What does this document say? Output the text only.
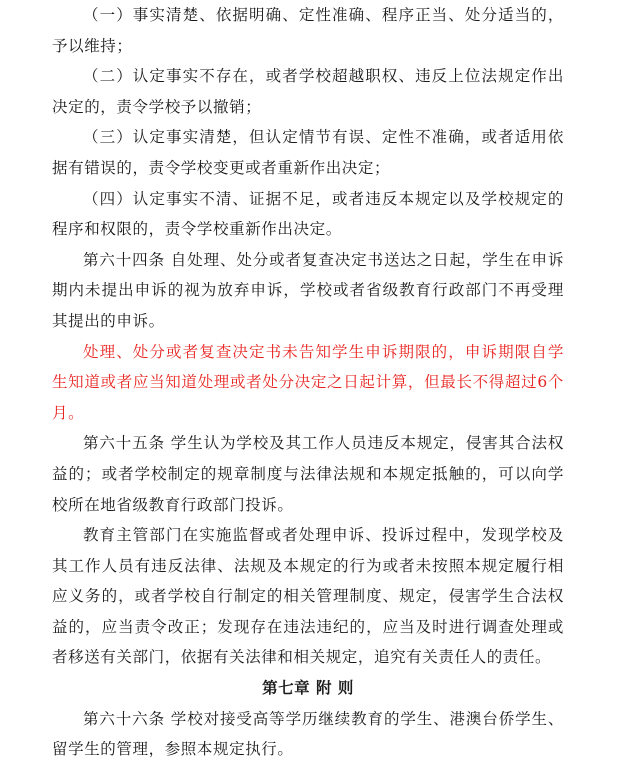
（一）事实清楚、依据明确、定性准确、程序正当、处分适当的，予以维持；

（二）认定事实不存在，或者学校超越职权、违反上位法规定作出决定的，责令学校予以撤销；

（三）认定事实清楚，但认定情节有误、定性不准确，或者适用依据有错误的，责令学校变更或者重新作出决定；

（四）认定事实不清、证据不足，或者违反本规定以及学校规定的程序和权限的，责令学校重新作出决定。

第六十四条 自处理、处分或者复查决定书送达之日起，学生在申诉期内未提出申诉的视为放弃申诉，学校或者省级教育行政部门不再受理其提出的申诉。

处理、处分或者复查决定书未告知学生申诉期限的，申诉期限自学生知道或者应当知道处理或者处分决定之日起计算，但最长不得超过6个月。

第六十五条 学生认为学校及其工作人员违反本规定，侵害其合法权益的；或者学校制定的规章制度与法律法规和本规定抵触的，可以向学校所在地省级教育行政部门投诉。

教育主管部门在实施监督或者处理申诉、投诉过程中，发现学校及其工作人员有违反法律、法规及本规定的行为或者未按照本规定履行相应义务的，或者学校自行制定的相关管理制度、规定，侵害学生合法权益的，应当责令改正；发现存在违法违纪的，应当及时进行调查处理或者移送有关部门，依据有关法律和相关规定，追究有关责任人的责任。

第七章 附 则

第六十六条 学校对接受高等学历继续教育的学生、港澳台侨学生、留学生的管理，参照本规定执行。
